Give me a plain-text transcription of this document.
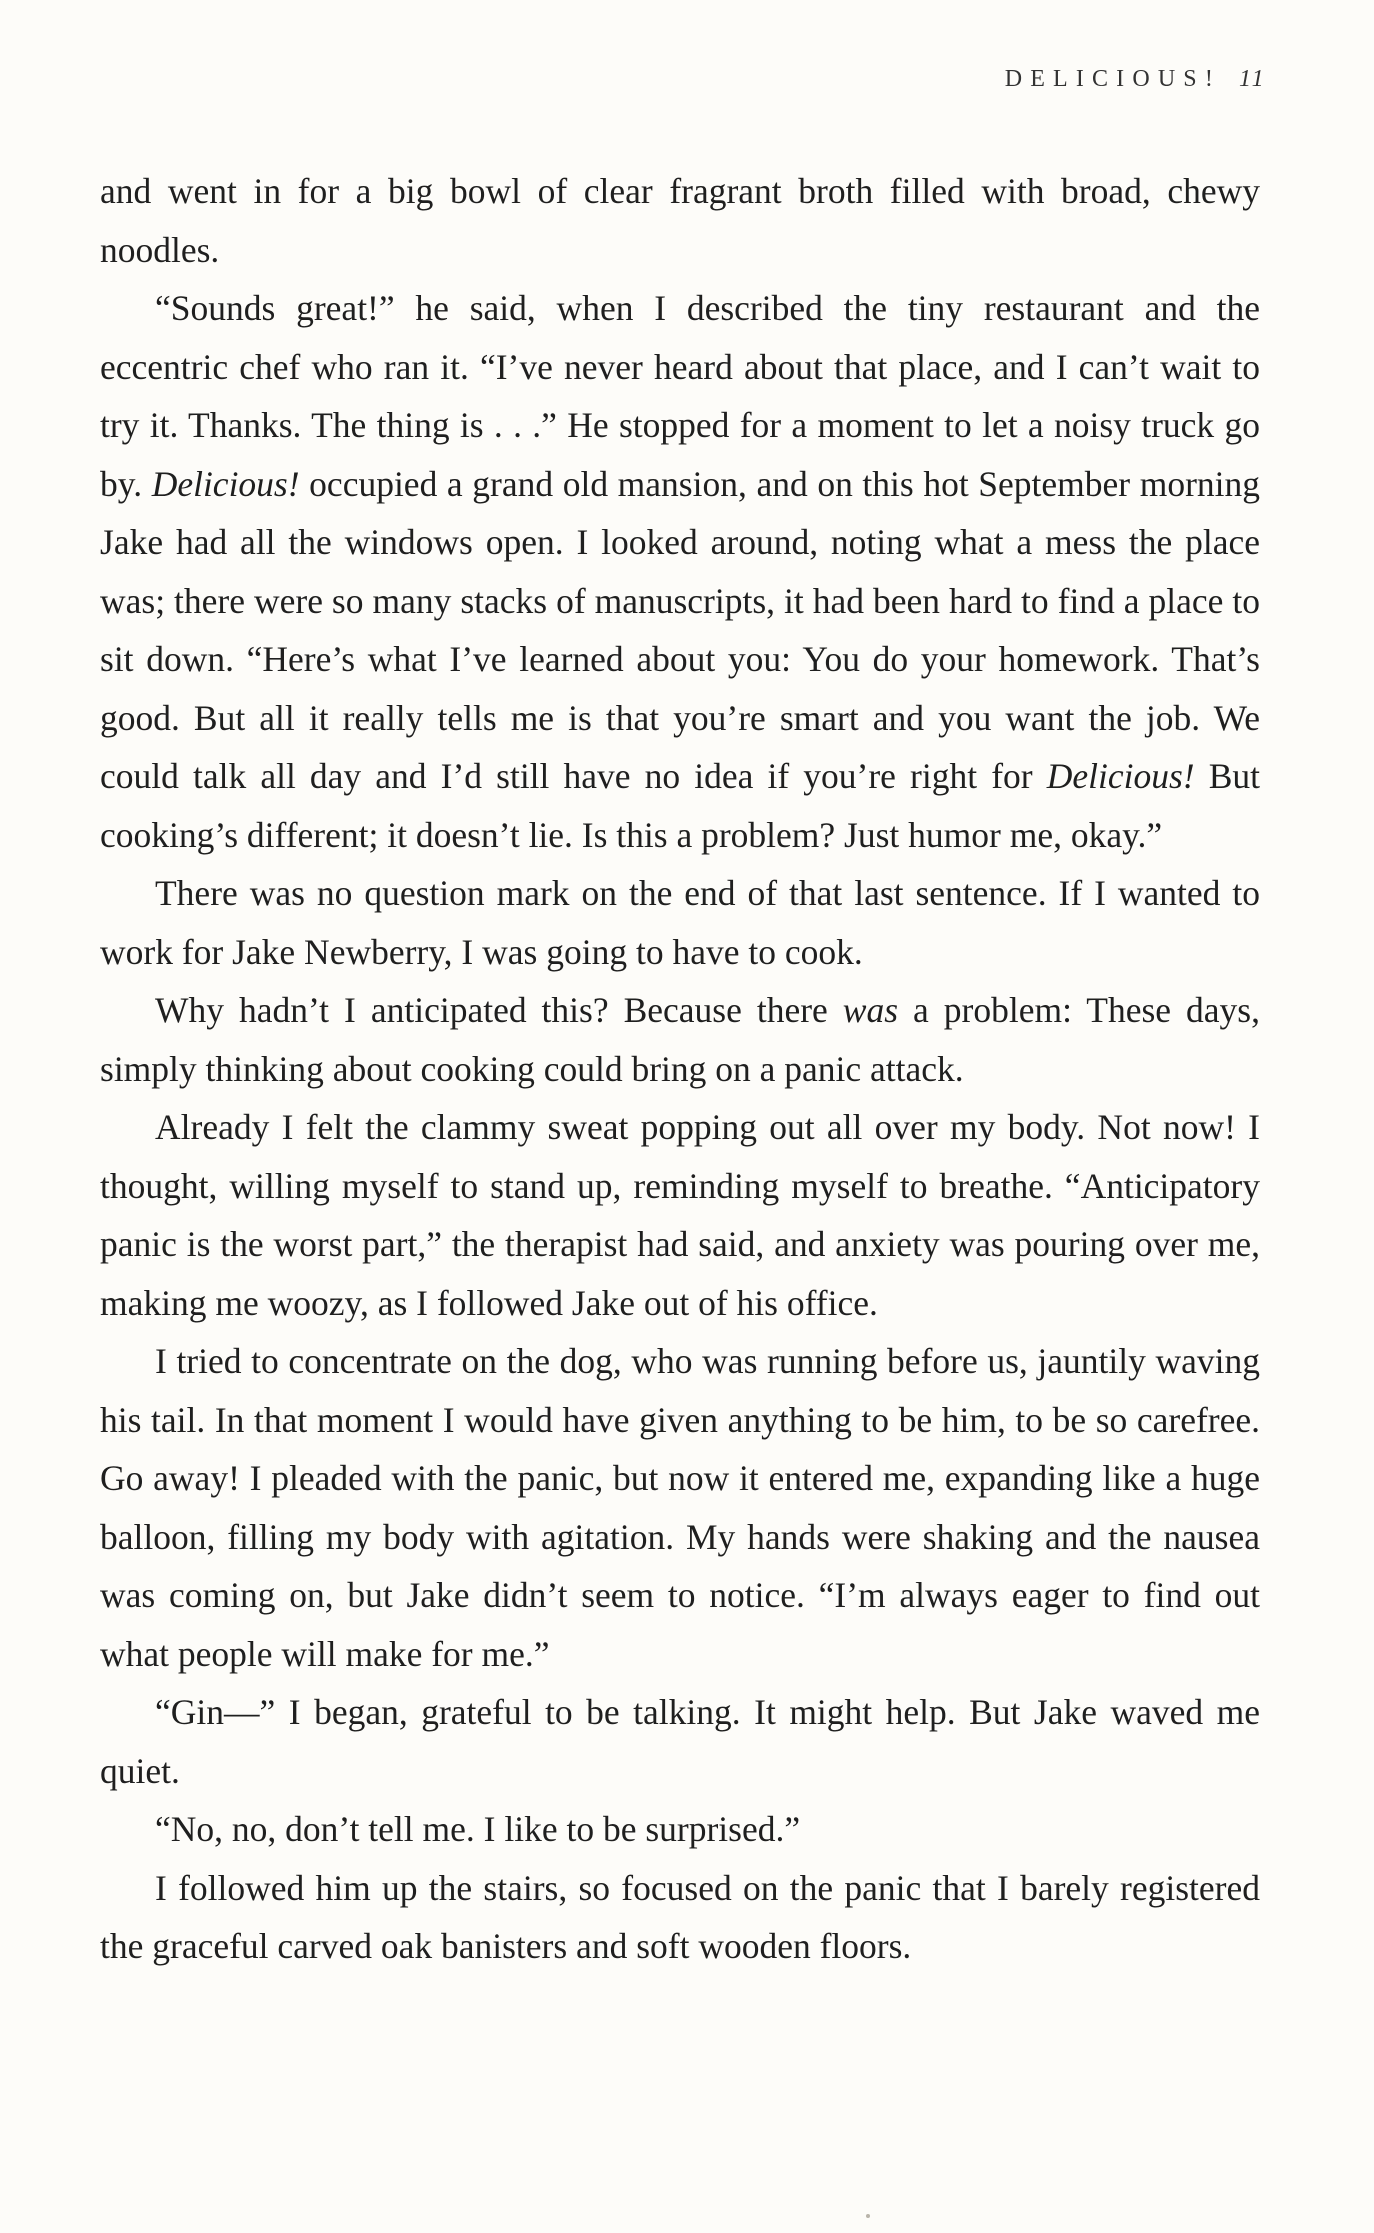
DELICIOUS! 11

and went in for a big bowl of clear fragrant broth filled with broad, chewy noodles.

“Sounds great!” he said, when I described the tiny restaurant and the eccentric chef who ran it. “I’ve never heard about that place, and I can’t wait to try it. Thanks. The thing is . . .” He stopped for a moment to let a noisy truck go by. Delicious! occupied a grand old mansion, and on this hot September morning Jake had all the windows open. I looked around, noting what a mess the place was; there were so many stacks of manuscripts, it had been hard to find a place to sit down. “Here’s what I’ve learned about you: You do your homework. That’s good. But all it really tells me is that you’re smart and you want the job. We could talk all day and I’d still have no idea if you’re right for Delicious! But cooking’s different; it doesn’t lie. Is this a problem? Just humor me, okay.”

There was no question mark on the end of that last sentence. If I wanted to work for Jake Newberry, I was going to have to cook.

Why hadn’t I anticipated this? Because there was a problem: These days, simply thinking about cooking could bring on a panic attack.

Already I felt the clammy sweat popping out all over my body. Not now! I thought, willing myself to stand up, reminding myself to breathe. “Anticipatory panic is the worst part,” the therapist had said, and anxiety was pouring over me, making me woozy, as I followed Jake out of his office.

I tried to concentrate on the dog, who was running before us, jauntily waving his tail. In that moment I would have given anything to be him, to be so carefree. Go away! I pleaded with the panic, but now it entered me, expanding like a huge balloon, filling my body with agitation. My hands were shaking and the nausea was coming on, but Jake didn’t seem to notice. “I’m always eager to find out what people will make for me.”

“Gin—” I began, grateful to be talking. It might help. But Jake waved me quiet.

“No, no, don’t tell me. I like to be surprised.”

I followed him up the stairs, so focused on the panic that I barely registered the graceful carved oak banisters and soft wooden floors.
